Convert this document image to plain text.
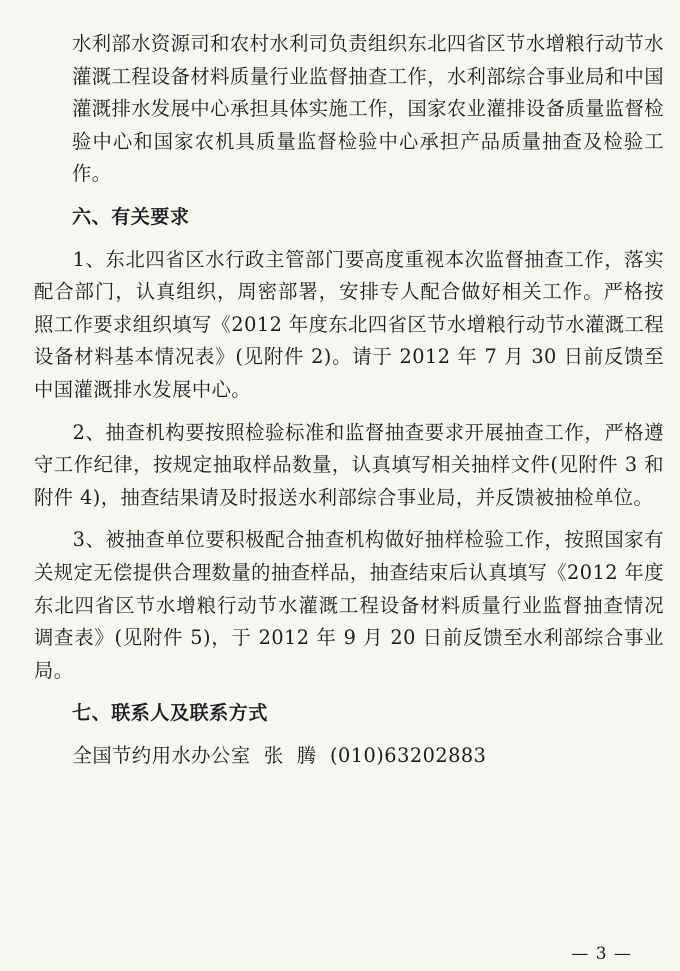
水利部水资源司和农村水利司负责组织东北四省区节水增粮行动节水灌溉工程设备材料质量行业监督抽查工作，水利部综合事业局和中国灌溉排水发展中心承担具体实施工作，国家农业灌排设备质量监督检验中心和国家农机具质量监督检验中心承担产品质量抽查及检验工作。

六、有关要求

1、东北四省区水行政主管部门要高度重视本次监督抽查工作，落实配合部门，认真组织，周密部署，安排专人配合做好相关工作。严格按照工作要求组织填写《2012 年度东北四省区节水增粮行动节水灌溉工程设备材料基本情况表》(见附件 2)。请于 2012 年 7 月 30 日前反馈至中国灌溉排水发展中心。

2、抽查机构要按照检验标准和监督抽查要求开展抽查工作，严格遵守工作纪律，按规定抽取样品数量，认真填写相关抽样文件(见附件 3 和附件 4)，抽查结果请及时报送水利部综合事业局，并反馈被抽检单位。

3、被抽查单位要积极配合抽查机构做好抽样检验工作，按照国家有关规定无偿提供合理数量的抽查样品，抽查结束后认真填写《2012 年度东北四省区节水增粮行动节水灌溉工程设备材料质量行业监督抽查情况调查表》(见附件 5)，于 2012 年 9 月 20 日前反馈至水利部综合事业局。

七、联系人及联系方式

全国节约用水办公室  张  腾  (010)63202883

— 3 —
